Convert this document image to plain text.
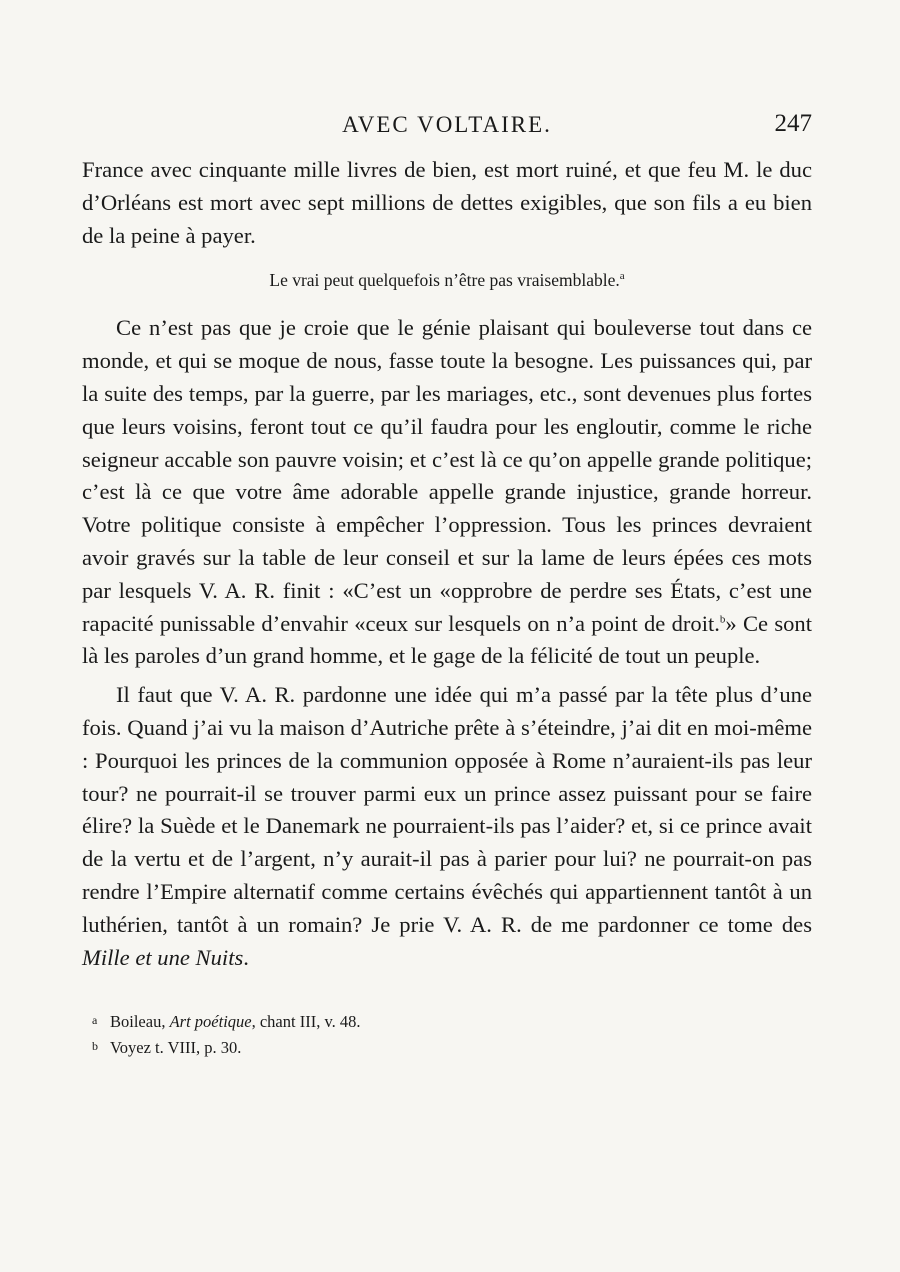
AVEC VOLTAIRE.	247

France avec cinquante mille livres de bien, est mort ruiné, et que feu M. le duc d’Orléans est mort avec sept millions de dettes exigibles, que son fils a eu bien de la peine à payer.

Le vrai peut quelquefois n’être pas vraisemblable.$^a$

Ce n’est pas que je croie que le génie plaisant qui bouleverse tout dans ce monde, et qui se moque de nous, fasse toute la besogne. Les puissances qui, par la suite des temps, par la guerre, par les mariages, etc., sont devenues plus fortes que leurs voisins, feront tout ce qu’il faudra pour les engloutir, comme le riche seigneur accable son pauvre voisin; et c’est là ce qu’on appelle grande politique; c’est là ce que votre âme adorable appelle grande injustice, grande horreur. Votre politique consiste à empêcher l’oppression. Tous les princes devraient avoir gravés sur la table de leur conseil et sur la lame de leurs épées ces mots par lesquels V. A. R. finit : «C’est un «opprobre de perdre ses États, c’est une rapacité punissable d’envahir «ceux sur lesquels on n’a point de droit.$^b$» Ce sont là les paroles d’un grand homme, et le gage de la félicité de tout un peuple.

Il faut que V. A. R. pardonne une idée qui m’a passé par la tête plus d’une fois. Quand j’ai vu la maison d’Autriche prête à s’éteindre, j’ai dit en moi-même : Pourquoi les princes de la communion opposée à Rome n’auraient-ils pas leur tour? ne pourrait-il se trouver parmi eux un prince assez puissant pour se faire élire? la Suède et le Danemark ne pourraient-ils pas l’aider? et, si ce prince avait de la vertu et de l’argent, n’y aurait-il pas à parier pour lui? ne pourrait-on pas rendre l’Empire alternatif comme certains évêchés qui appartiennent tantôt à un luthérien, tantôt à un romain? Je prie V. A. R. de me pardonner ce tome des Mille et une Nuits.

a Boileau, Art poétique, chant III, v. 48.
b Voyez t. VIII, p. 30.
